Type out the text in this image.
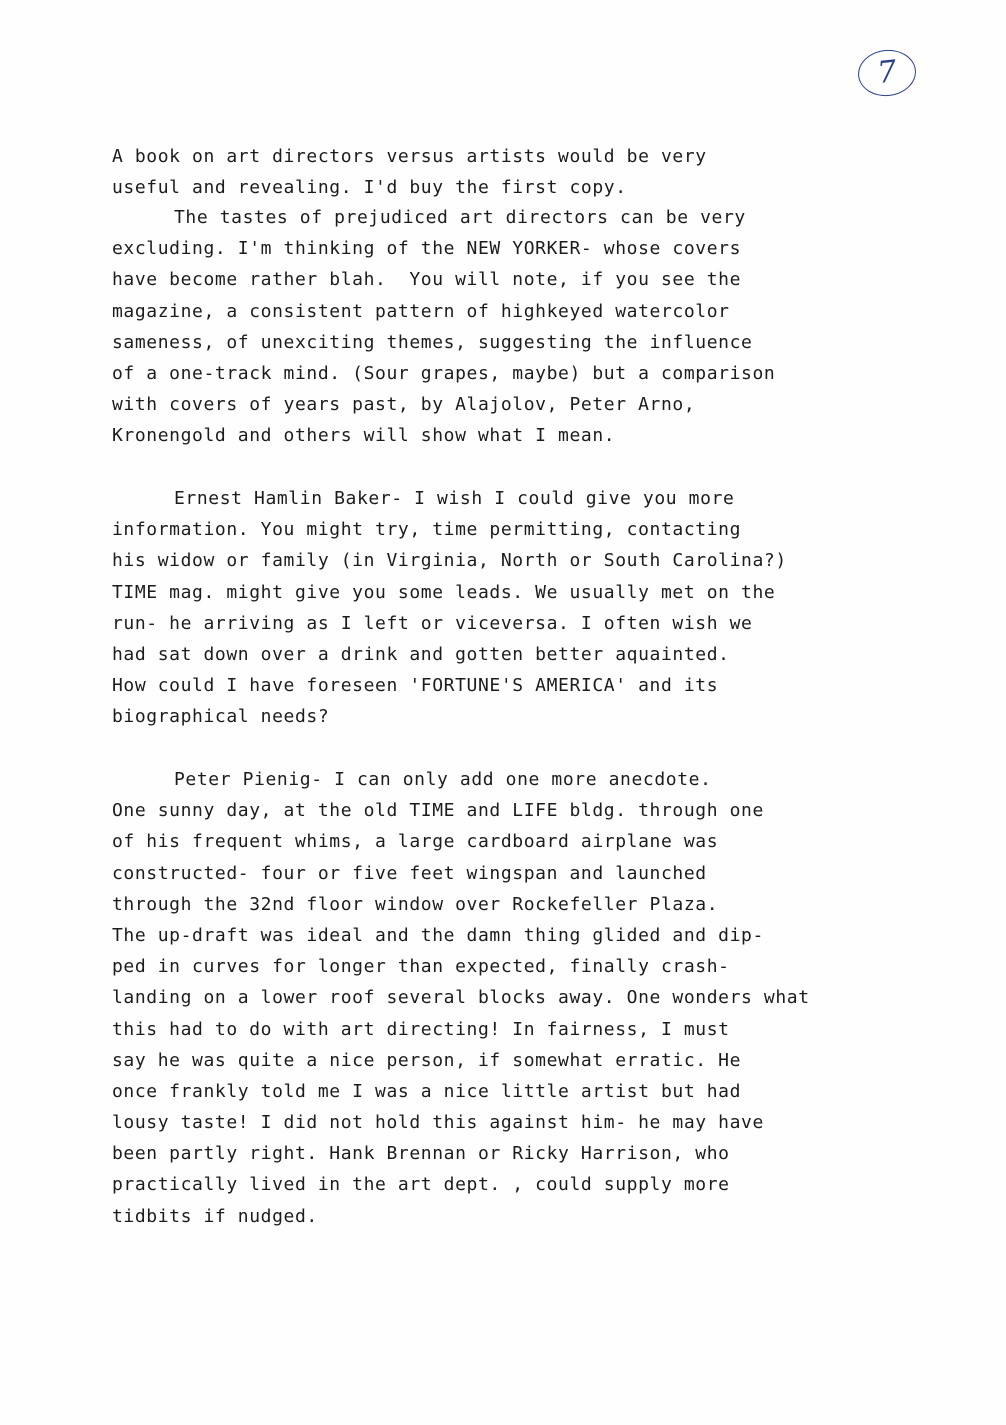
7
A book on art directors versus artists would be very
useful and revealing. I'd buy the first copy.
The tastes of prejudiced art directors can be very
excluding. I'm thinking of the NEW YORKER- whose covers
have become rather blah.  You will note, if you see the
magazine, a consistent pattern of highkeyed watercolor
sameness, of unexciting themes, suggesting the influence
of a one-track mind. (Sour grapes, maybe) but a comparison
with covers of years past, by Alajolov, Peter Arno,
Kronengold and others will show what I mean.
Ernest Hamlin Baker- I wish I could give you more
information. You might try, time permitting, contacting
his widow or family (in Virginia, North or South Carolina?)
TIME mag. might give you some leads. We usually met on the
run- he arriving as I left or viceversa. I often wish we
had sat down over a drink and gotten better aquainted.
How could I have foreseen 'FORTUNE'S AMERICA' and its
biographical needs?
Peter Pienig- I can only add one more anecdote.
One sunny day, at the old TIME and LIFE bldg. through one
of his frequent whims, a large cardboard airplane was
constructed- four or five feet wingspan and launched
through the 32nd floor window over Rockefeller Plaza.
The up-draft was ideal and the damn thing glided and dip-
ped in curves for longer than expected, finally crash-
landing on a lower roof several blocks away. One wonders what
this had to do with art directing! In fairness, I must
say he was quite a nice person, if somewhat erratic. He
once frankly told me I was a nice little artist but had
lousy taste! I did not hold this against him- he may have
been partly right. Hank Brennan or Ricky Harrison, who
practically lived in the art dept. , could supply more
tidbits if nudged.
